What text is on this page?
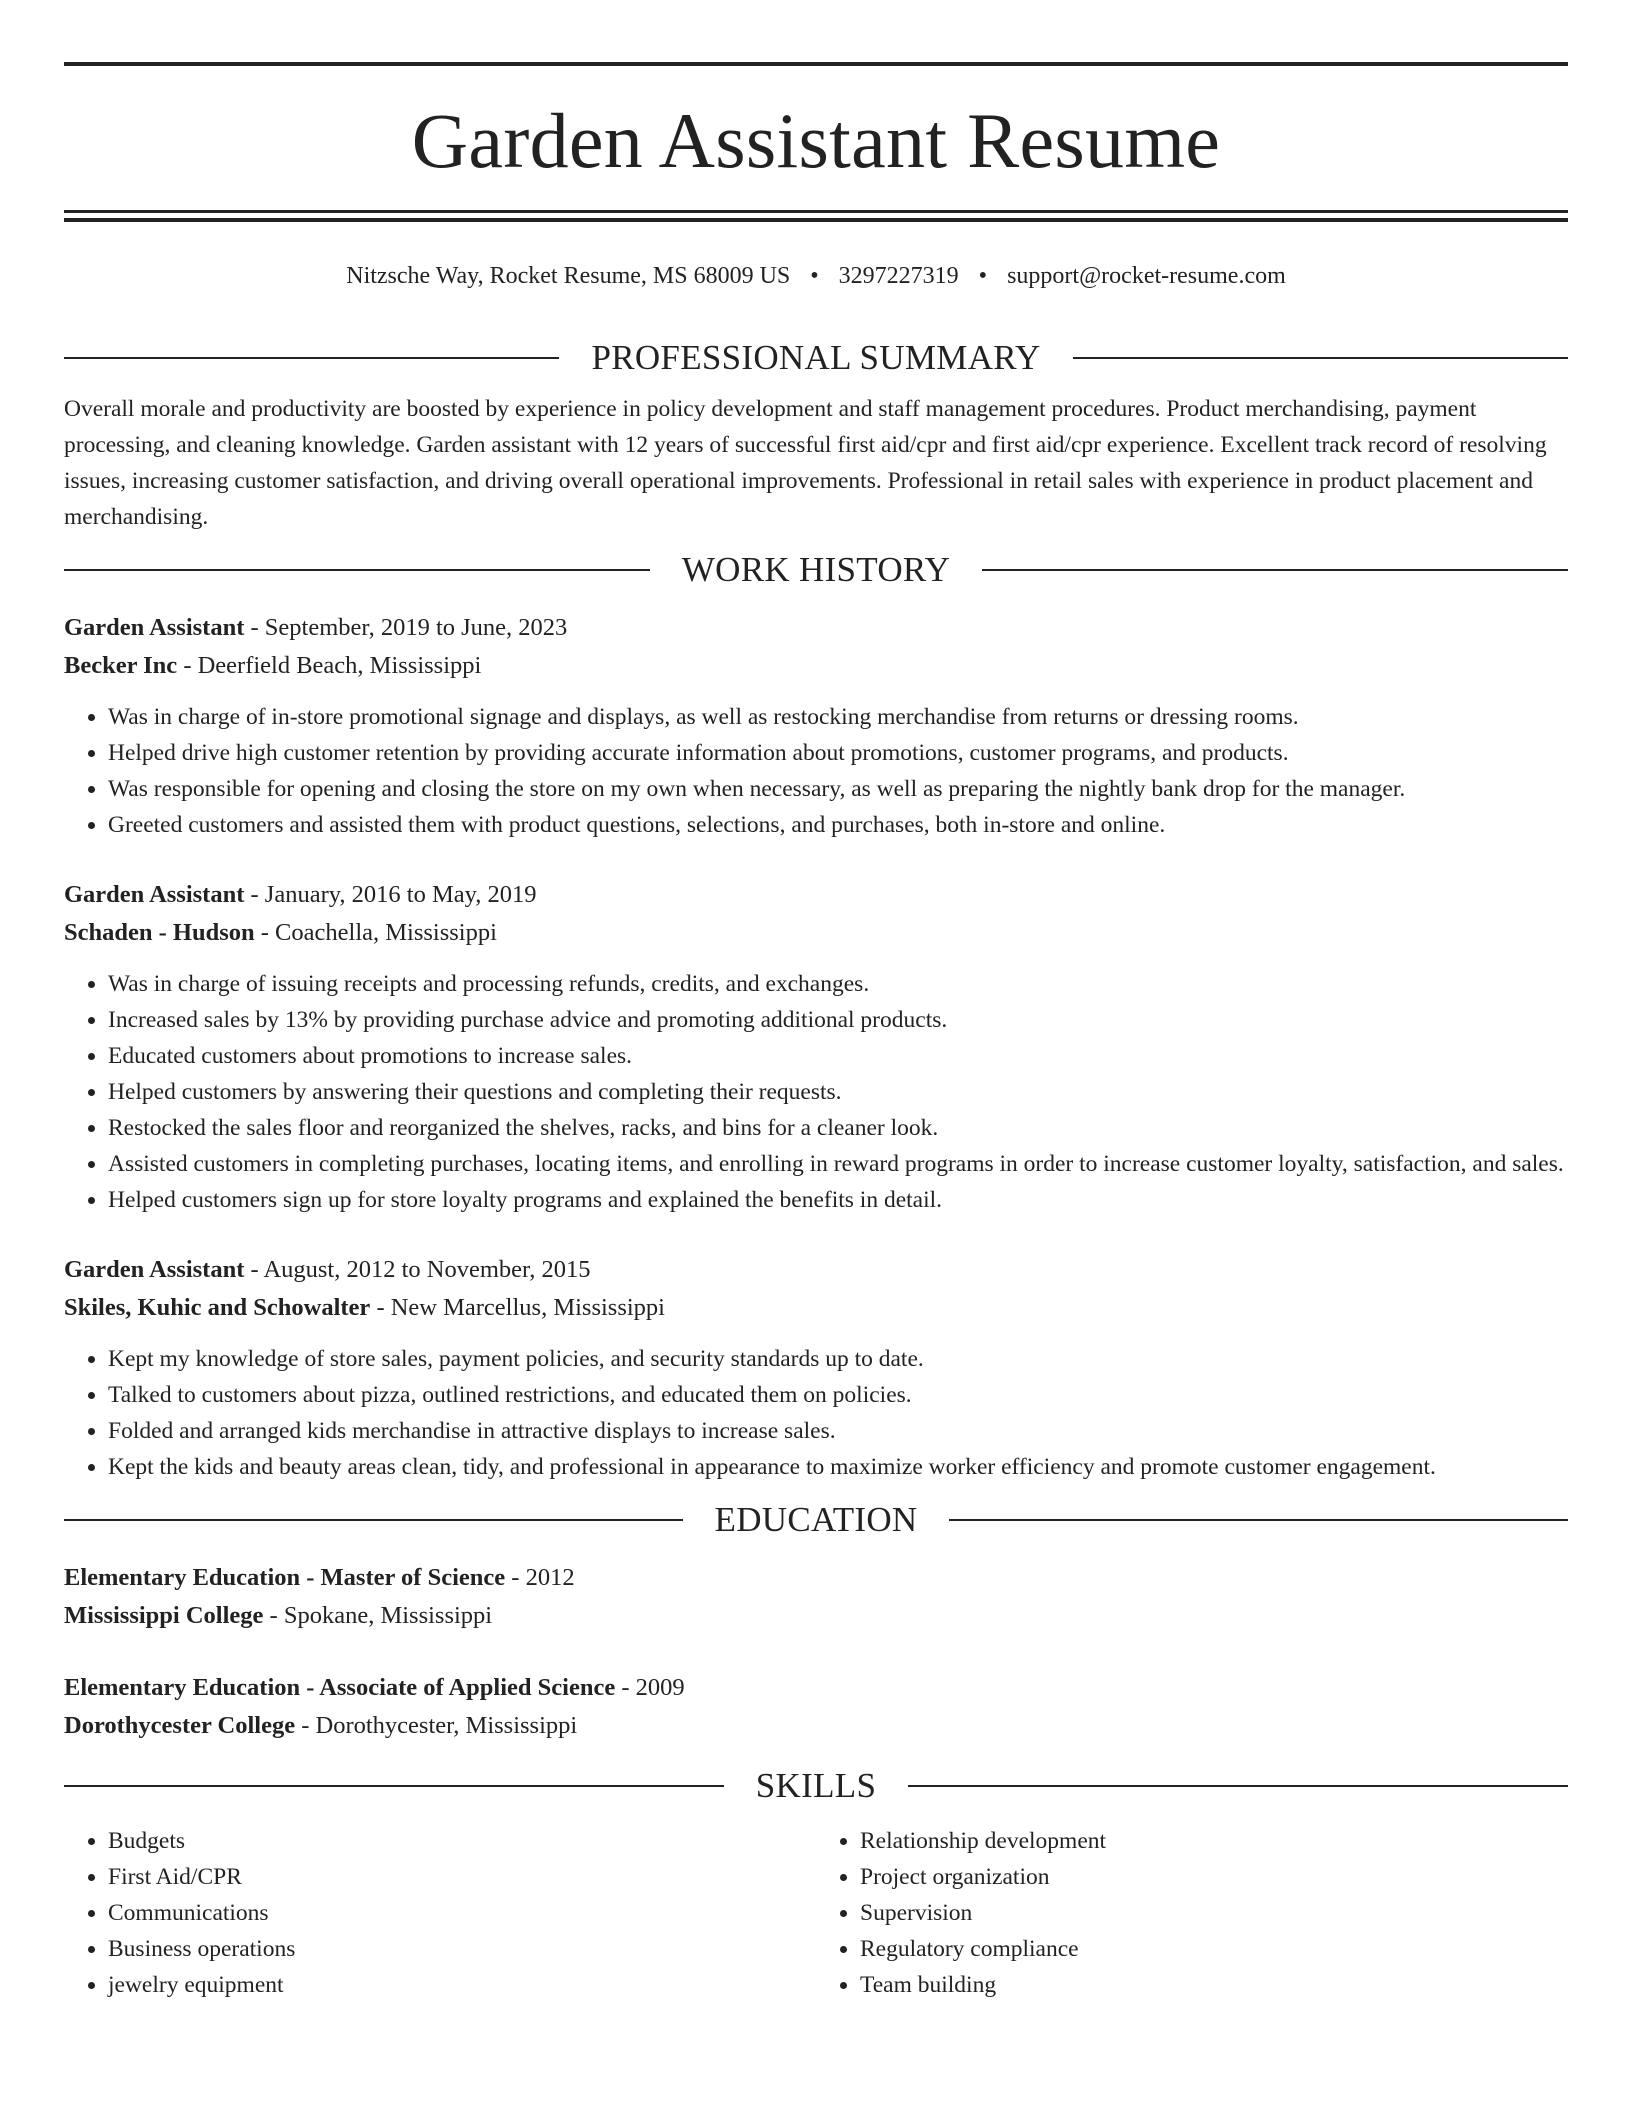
Garden Assistant Resume
Nitzsche Way, Rocket Resume, MS 68009 US • 3297227319 • support@rocket-resume.com
PROFESSIONAL SUMMARY

Overall morale and productivity are boosted by experience in policy development and staff management procedures. Product merchandising, payment processing, and cleaning knowledge. Garden assistant with 12 years of successful first aid/cpr and first aid/cpr experience. Excellent track record of resolving issues, increasing customer satisfaction, and driving overall operational improvements. Professional in retail sales with experience in product placement and merchandising.

WORK HISTORY
Garden Assistant - September, 2019 to June, 2023
Becker Inc - Deerfield Beach, Mississippi
• Was in charge of in-store promotional signage and displays, as well as restocking merchandise from returns or dressing rooms.
• Helped drive high customer retention by providing accurate information about promotions, customer programs, and products.
• Was responsible for opening and closing the store on my own when necessary, as well as preparing the nightly bank drop for the manager.
• Greeted customers and assisted them with product questions, selections, and purchases, both in-store and online.
Garden Assistant - January, 2016 to May, 2019
Schaden - Hudson - Coachella, Mississippi
• Was in charge of issuing receipts and processing refunds, credits, and exchanges.
• Increased sales by 13% by providing purchase advice and promoting additional products.
• Educated customers about promotions to increase sales.
• Helped customers by answering their questions and completing their requests.
• Restocked the sales floor and reorganized the shelves, racks, and bins for a cleaner look.
• Assisted customers in completing purchases, locating items, and enrolling in reward programs in order to increase customer loyalty, satisfaction, and sales.
• Helped customers sign up for store loyalty programs and explained the benefits in detail.
Garden Assistant - August, 2012 to November, 2015
Skiles, Kuhic and Schowalter - New Marcellus, Mississippi
• Kept my knowledge of store sales, payment policies, and security standards up to date.
• Talked to customers about pizza, outlined restrictions, and educated them on policies.
• Folded and arranged kids merchandise in attractive displays to increase sales.
• Kept the kids and beauty areas clean, tidy, and professional in appearance to maximize worker efficiency and promote customer engagement.
EDUCATION
Elementary Education - Master of Science - 2012
Mississippi College - Spokane, Mississippi
Elementary Education - Associate of Applied Science - 2009
Dorothycester College - Dorothycester, Mississippi
SKILLS
• Budgets
• First Aid/CPR
• Communications
• Business operations
• jewelry equipment
• Relationship development
• Project organization
• Supervision
• Regulatory compliance
• Team building
